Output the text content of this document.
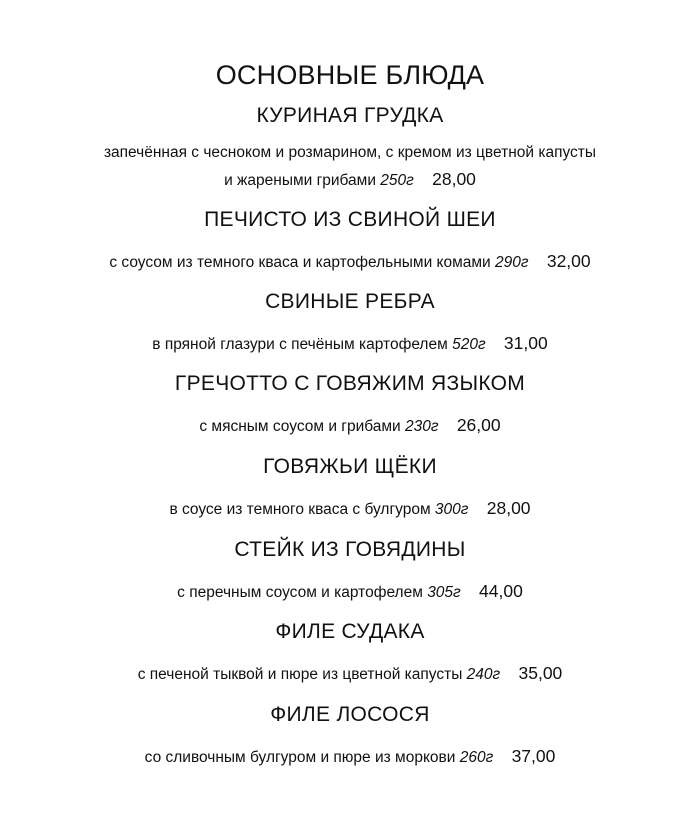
ОСНОВНЫЕ БЛЮДА
КУРИНАЯ ГРУДКА
запечённая с чесноком и розмарином, с кремом из цветной капусты
и жареными грибами 250г 28,00
ПЕЧИСТО ИЗ СВИНОЙ ШЕИ
с соусом из темного кваса и картофельными комами 290г 32,00
СВИНЫЕ РЕБРА
в пряной глазури с печёным картофелем 520г 31,00
ГРЕЧОТТО С ГОВЯЖИМ ЯЗЫКОМ
с мясным соусом и грибами 230г 26,00
ГОВЯЖЬИ ЩЁКИ
в соусе из темного кваса с булгуром 300г 28,00
СТЕЙК ИЗ ГОВЯДИНЫ
с перечным соусом и картофелем 305г 44,00
ФИЛЕ СУДАКА
с печеной тыквой и пюре из цветной капусты 240г 35,00
ФИЛЕ ЛОСОСЯ
со сливочным булгуром и пюре из моркови 260г 37,00
